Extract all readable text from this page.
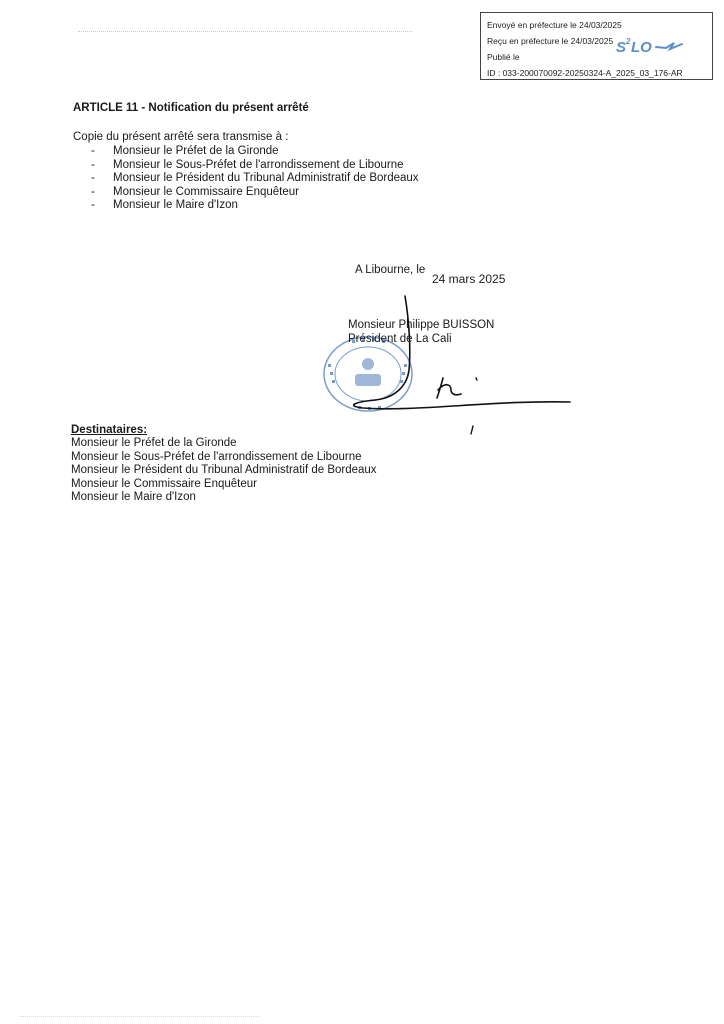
Envoyé en préfecture le 24/03/2025
Reçu en préfecture le 24/03/2025
Publié le
ID : 033-200070092-20250324-A_2025_03_176-AR
S 2 LO
ARTICLE 11 - Notification du présent arrêté
Copie du présent arrêté sera transmise à :
- Monsieur le Préfet de la Gironde
- Monsieur le Sous-Préfet de l'arrondissement de Libourne
- Monsieur le Président du Tribunal Administratif de Bordeaux
- Monsieur le Commissaire Enquêteur
- Monsieur le Maire d'Izon
A Libourne, le
24 mars 2025
Monsieur Philippe BUISSON
Président de La Cali
Destinataires:
Monsieur le Préfet de la Gironde
Monsieur le Sous-Préfet de l'arrondissement de Libourne
Monsieur le Président du Tribunal Administratif de Bordeaux
Monsieur le Commissaire Enquêteur
Monsieur le Maire d'Izon
